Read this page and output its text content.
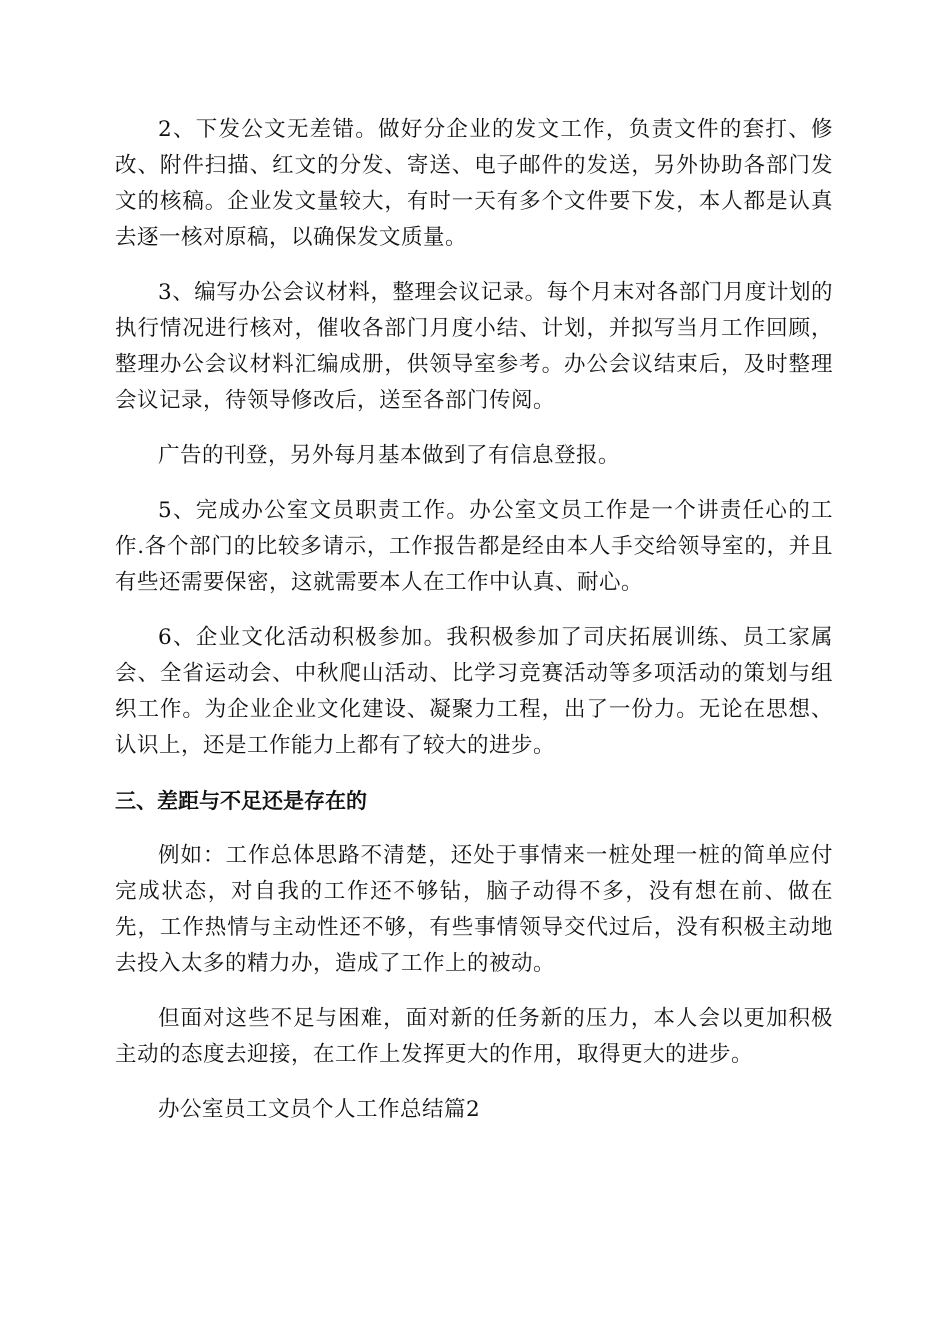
2、下发公文无差错。做好分企业的发文工作，负责文件的套打、修改、附件扫描、红文的分发、寄送、电子邮件的发送，另外协助各部门发文的核稿。企业发文量较大，有时一天有多个文件要下发，本人都是认真去逐一核对原稿，以确保发文质量。

3、编写办公会议材料，整理会议记录。每个月末对各部门月度计划的执行情况进行核对，催收各部门月度小结、计划，并拟写当月工作回顾，整理办公会议材料汇编成册，供领导室参考。办公会议结束后，及时整理会议记录，待领导修改后，送至各部门传阅。

广告的刊登，另外每月基本做到了有信息登报。

5、完成办公室文员职责工作。办公室文员工作是一个讲责任心的工作.各个部门的比较多请示，工作报告都是经由本人手交给领导室的，并且有些还需要保密，这就需要本人在工作中认真、耐心。

6、企业文化活动积极参加。我积极参加了司庆拓展训练、员工家属会、全省运动会、中秋爬山活动、比学习竞赛活动等多项活动的策划与组织工作。为企业企业文化建设、凝聚力工程，出了一份力。无论在思想、认识上，还是工作能力上都有了较大的进步。

三、差距与不足还是存在的

例如：工作总体思路不清楚，还处于事情来一桩处理一桩的简单应付完成状态，对自我的工作还不够钻，脑子动得不多，没有想在前、做在先，工作热情与主动性还不够，有些事情领导交代过后，没有积极主动地去投入太多的精力办，造成了工作上的被动。

但面对这些不足与困难，面对新的任务新的压力，本人会以更加积极主动的态度去迎接，在工作上发挥更大的作用，取得更大的进步。

办公室员工文员个人工作总结篇2
